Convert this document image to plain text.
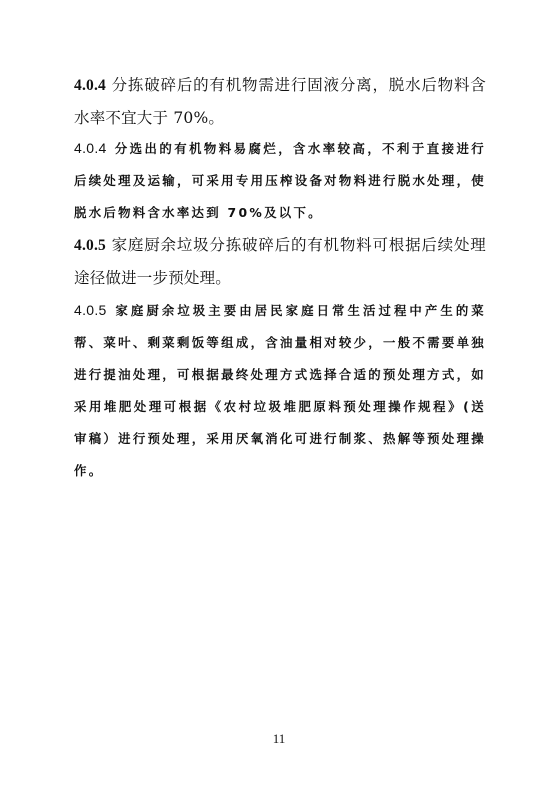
4.0.4 分拣破碎后的有机物需进行固液分离，脱水后物料含水率不宜大于 70%。

4.0.4 分选出的有机物料易腐烂，含水率较高，不利于直接进行后续处理及运输，可采用专用压榨设备对物料进行脱水处理，使脱水后物料含水率达到 70%及以下。

4.0.5 家庭厨余垃圾分拣破碎后的有机物料可根据后续处理途径做进一步预处理。

4.0.5 家庭厨余垃圾主要由居民家庭日常生活过程中产生的菜帮、菜叶、剩菜剩饭等组成，含油量相对较少，一般不需要单独进行提油处理，可根据最终处理方式选择合适的预处理方式，如采用堆肥处理可根据《农村垃圾堆肥原料预处理操作规程》(送审稿）进行预处理，采用厌氧消化可进行制浆、热解等预处理操作。

11
